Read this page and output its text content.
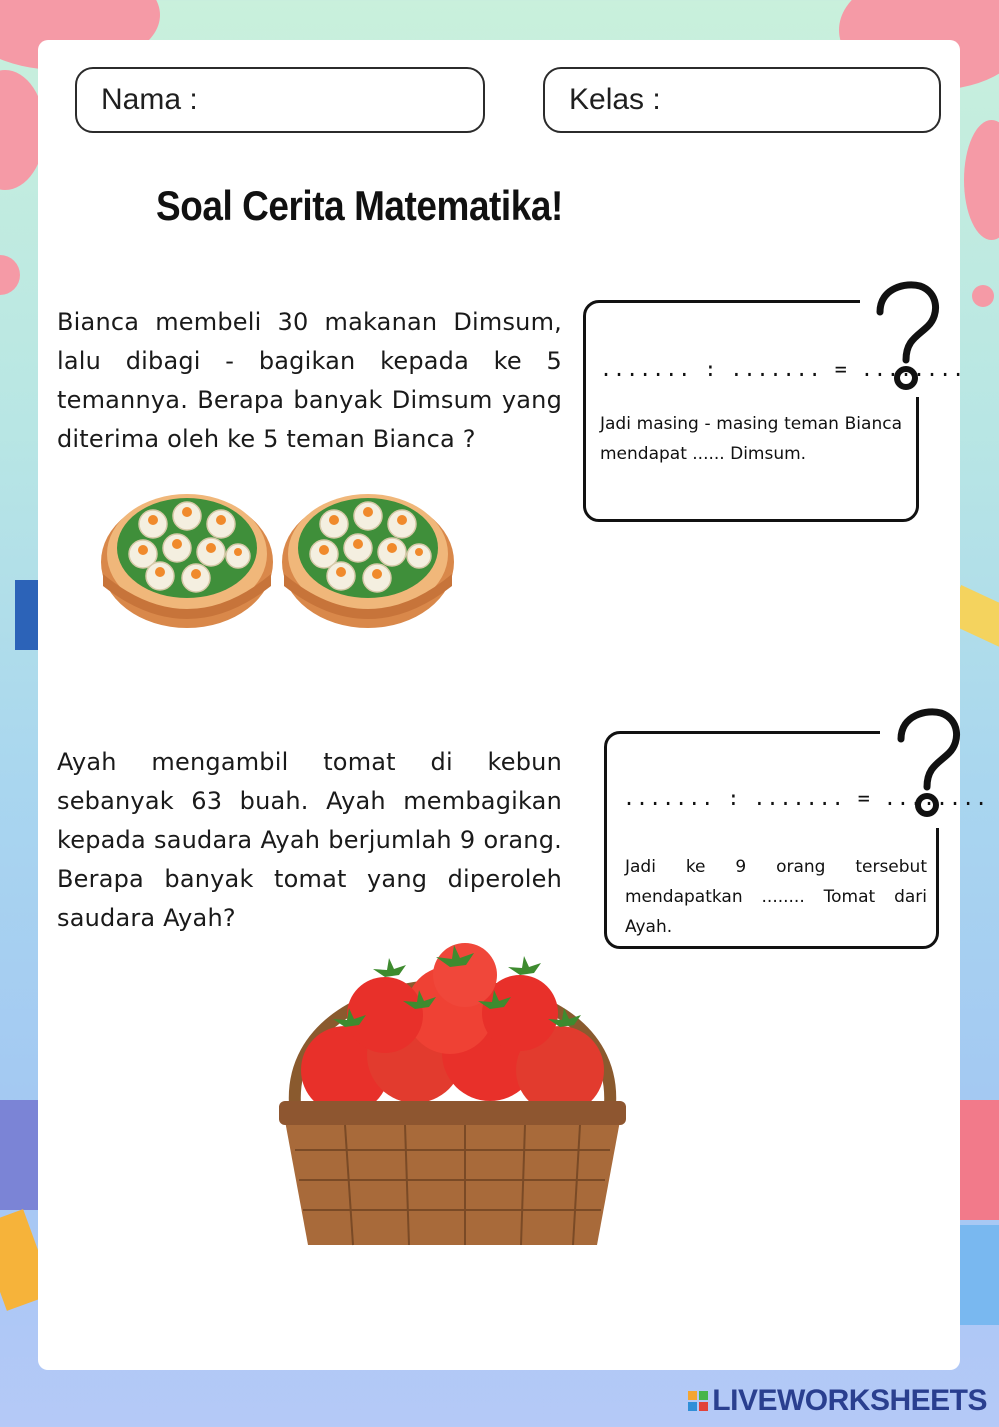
Nama :	Kelas :
Soal Cerita Matematika!

Bianca membeli 30 makanan Dimsum, lalu dibagi - bagikan kepada ke 5 temannya. Berapa banyak Dimsum yang diterima oleh ke 5 teman Bianca ?

....... : ....... = ........

Jadi masing - masing teman Bianca mendapat ...... Dimsum.

Ayah mengambil tomat di kebun sebanyak 63 buah. Ayah membagikan kepada saudara Ayah berjumlah 9 orang. Berapa banyak tomat yang diperoleh saudara Ayah?

....... : ....... = ........

Jadi ke 9 orang tersebut mendapatkan ........ Tomat dari Ayah.

LIVEWORKSHEETS
